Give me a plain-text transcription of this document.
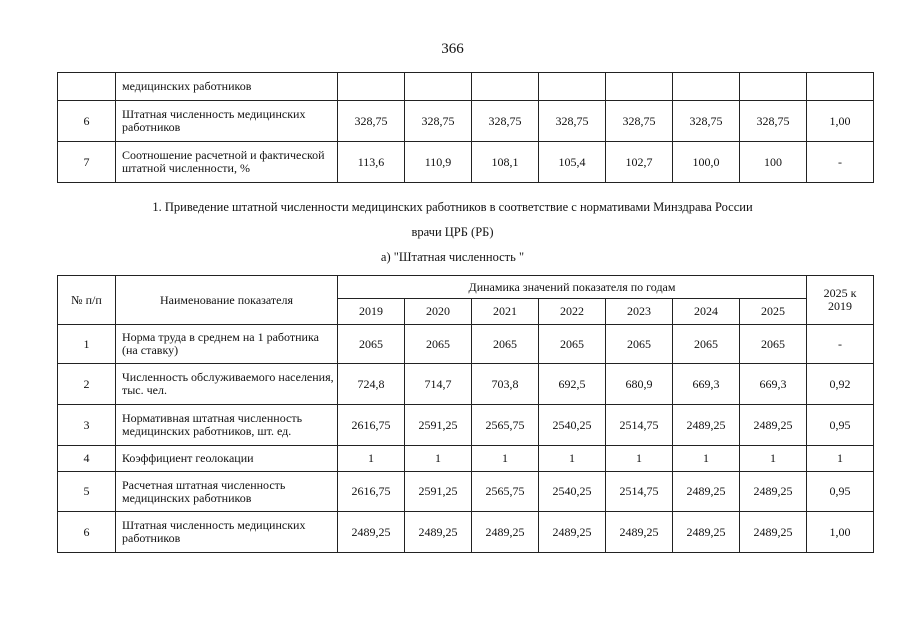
366
	медицинских работников								
6	Штатная численность медицинских работников	328,75	328,75	328,75	328,75	328,75	328,75	328,75	1,00
7	Соотношение расчетной и фактической штатной численности, %	113,6	110,9	108,1	105,4	102,7	100,0	100	-
1. Приведение штатной численности медицинских работников в соответствие с нормативами Минздрава России
врачи ЦРБ (РБ)
а) "Штатная численность "
№ п/п	Наименование показателя	Динамика значений показателя по годам							2025 к 2019
		2019	2020	2021	2022	2023	2024	2025	
1	Норма труда в среднем на 1 работника (на ставку)	2065	2065	2065	2065	2065	2065	2065	-
2	Численность обслуживаемого населения, тыс. чел.	724,8	714,7	703,8	692,5	680,9	669,3	669,3	0,92
3	Нормативная штатная численность медицинских работников, шт. ед.	2616,75	2591,25	2565,75	2540,25	2514,75	2489,25	2489,25	0,95
4	Коэффициент геолокации	1	1	1	1	1	1	1	1
5	Расчетная штатная численность медицинских работников	2616,75	2591,25	2565,75	2540,25	2514,75	2489,25	2489,25	0,95
6	Штатная численность медицинских работников	2489,25	2489,25	2489,25	2489,25	2489,25	2489,25	2489,25	1,00
